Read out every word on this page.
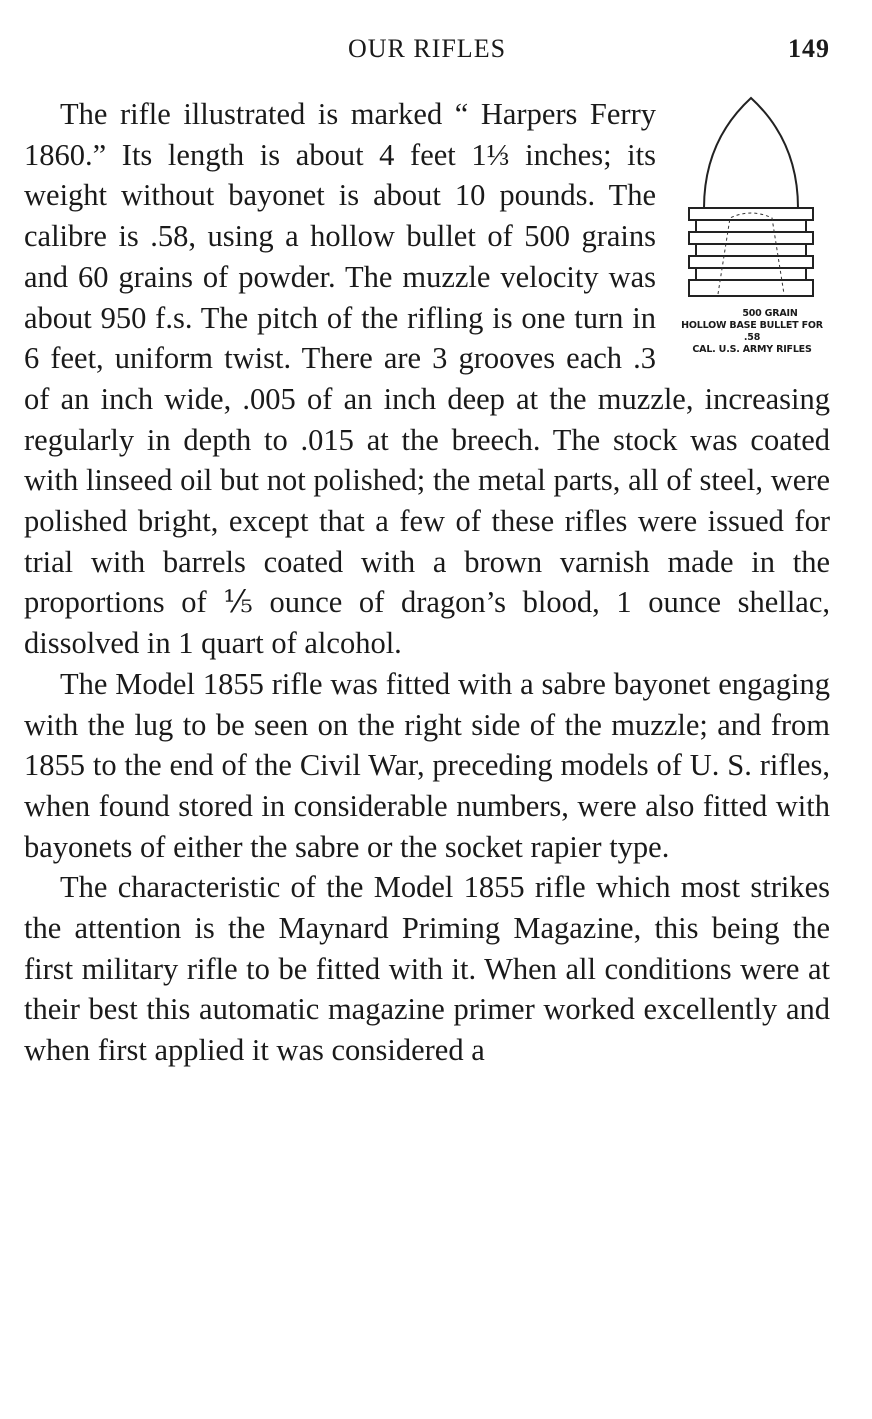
OUR RIFLES	149

500 GRAIN
HOLLOW BASE BULLET FOR .58
CAL. U.S. ARMY RIFLES
The rifle illustrated is marked “ Harpers Ferry 1860.” Its length is about 4 feet 1⅓ inches; its weight without bayonet is about 10 pounds. The calibre is .58, using a hollow bullet of 500 grains and 60 grains of powder. The muzzle velocity was about 950 f.s. The pitch of the rifling is one turn in 6 feet, uniform twist. There are 3 grooves each .3 of an inch wide, .005 of an inch deep at the muzzle, increasing regularly in depth to .015 at the breech. The stock was coated with linseed oil but not polished; the metal parts, all of steel, were polished bright, except that a few of these rifles were issued for trial with barrels coated with a brown varnish made in the proportions of ⅕ ounce of dragon’s blood, 1 ounce shellac, dissolved in 1 quart of alcohol.

The Model 1855 rifle was fitted with a sabre bayonet engaging with the lug to be seen on the right side of the muzzle; and from 1855 to the end of the Civil War, preceding models of U. S. rifles, when found stored in considerable numbers, were also fitted with bayonets of either the sabre or the socket rapier type.

The characteristic of the Model 1855 rifle which most strikes the attention is the Maynard Priming Magazine, this being the first military rifle to be fitted with it. When all conditions were at their best this automatic magazine primer worked excellently and when first applied it was considered a
